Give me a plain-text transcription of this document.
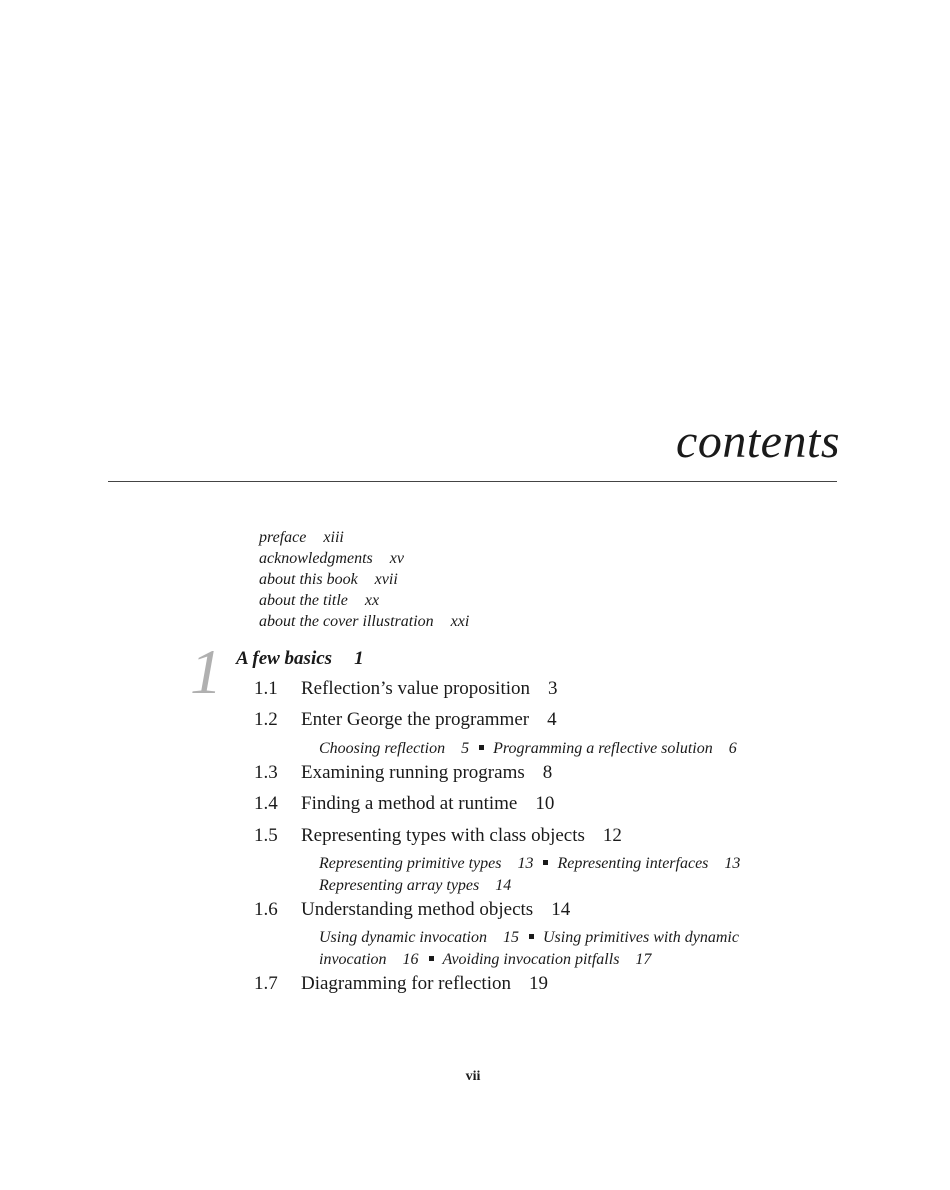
contents
preface xiii
acknowledgments xv
about this book xvii
about the title xx
about the cover illustration xxi
1 A few basics 1
1.1 Reflection’s value proposition 3
1.2 Enter George the programmer 4
Choosing reflection 5 Programming a reflective solution 6
1.3 Examining running programs 8
1.4 Finding a method at runtime 10
1.5 Representing types with class objects 12
Representing primitive types 13 Representing interfaces 13
Representing array types 14
1.6 Understanding method objects 14
Using dynamic invocation 15 Using primitives with dynamic
invocation 16 Avoiding invocation pitfalls 17
1.7 Diagramming for reflection 19
vii
